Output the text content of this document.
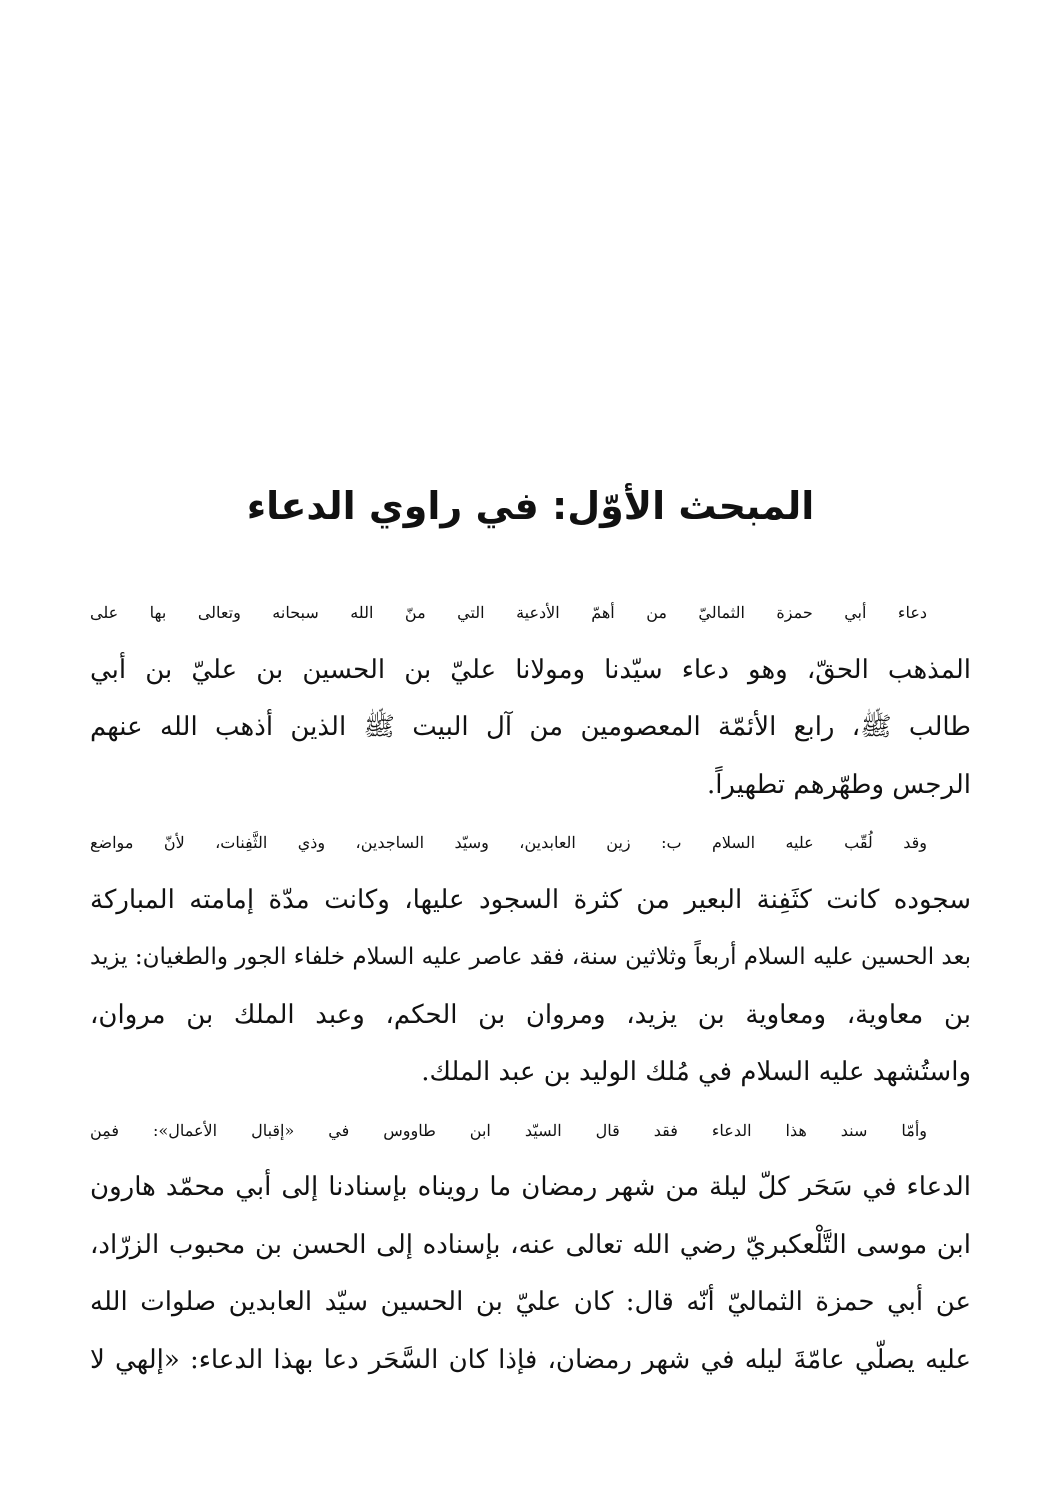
المبحث الأوّل: في راوي الدعاء

دعاء أبي حمزة الثماليّ من أهمّ الأدعية التي منّ الله سبحانه وتعالى بها على
المذهب الحقّ، وهو دعاء سيّدنا ومولانا عليّ بن الحسين بن عليّ بن أبي
طالب ﷺ، رابع الأئمّة المعصومين من آل البيت ﷺ الذين أذهب الله عنهم
الرجس وطهّرهم تطهيراً.

وقد لُقّب عليه السلام ب: زين العابدين، وسيّد الساجدين، وذي الثَّفِنات، لأنّ مواضع
سجوده كانت كثَفِنة البعير من كثرة السجود عليها، وكانت مدّة إمامته المباركة
بعد الحسين عليه السلام أربعاً وثلاثين سنة، فقد عاصر عليه السلام خلفاء الجور والطغيان: يزيد
بن معاوية، ومعاوية بن يزيد، ومروان بن الحكم، وعبد الملك بن مروان،
واستُشهد عليه السلام في مُلك الوليد بن عبد الملك.

وأمّا سند هذا الدعاء فقد قال السيّد ابن طاووس في «إقبال الأعمال»: فمِن
الدعاء في سَحَر كلّ ليلة من شهر رمضان ما رويناه بإسنادنا إلى أبي محمّد هارون
ابن موسى التَّلْعكبريّ رضي الله تعالى عنه، بإسناده إلى الحسن بن محبوب الزرّاد،
عن أبي حمزة الثماليّ أنّه قال: كان عليّ بن الحسين سيّد العابدين صلوات الله
عليه يصلّي عامّةَ ليله في شهر رمضان، فإذا كان السَّحَر دعا بهذا الدعاء: «إلهي لا
